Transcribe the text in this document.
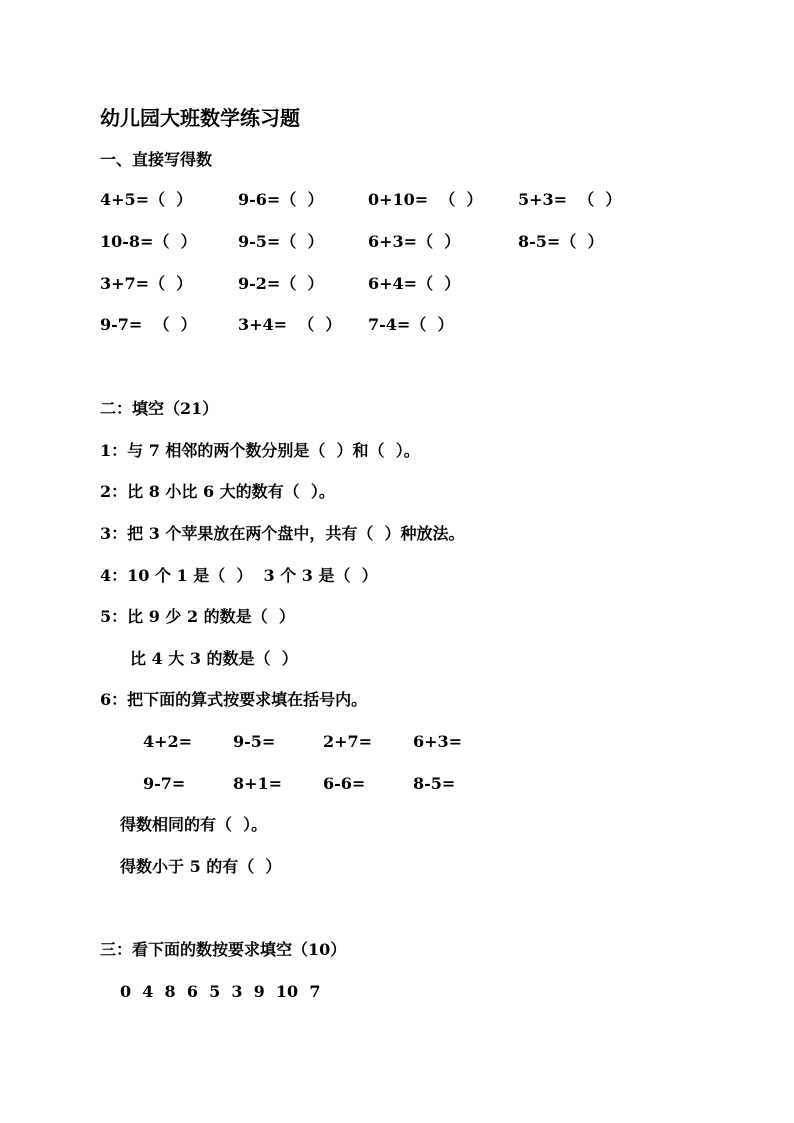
幼儿园大班数学练习题
一、直接写得数
4+5=（  ）	9-6=（  ）	0+10=  （  ） 5+3=  （  ）
10-8=（  ）	9-5=（  ）	6+3=（  ）	8-5=（  ）
3+7=（  ）	9-2=（  ）	6+4=（  ）
9-7=  （  ）	3+4=  （  ） 7-4=（  ）
二：填空（21）
1：与 7 相邻的两个数分别是（  ）和（  ）。
2：比 8 小比 6 大的数有（  ）。
3：把 3 个苹果放在两个盘中，共有（  ）种放法。
4：10 个 1 是（  ）  3 个 3 是（  ）
5：比 9 少 2 的数是（  ）
比 4 大 3 的数是（  ）
6：把下面的算式按要求填在括号内。
4+2=	9-5=	2+7=	6+3=
9-7=	8+1=	6-6=	8-5=
得数相同的有（  ）。
得数小于 5 的有（  ）
三：看下面的数按要求填空（10）
0  4  8  6  5  3  9  10  7
